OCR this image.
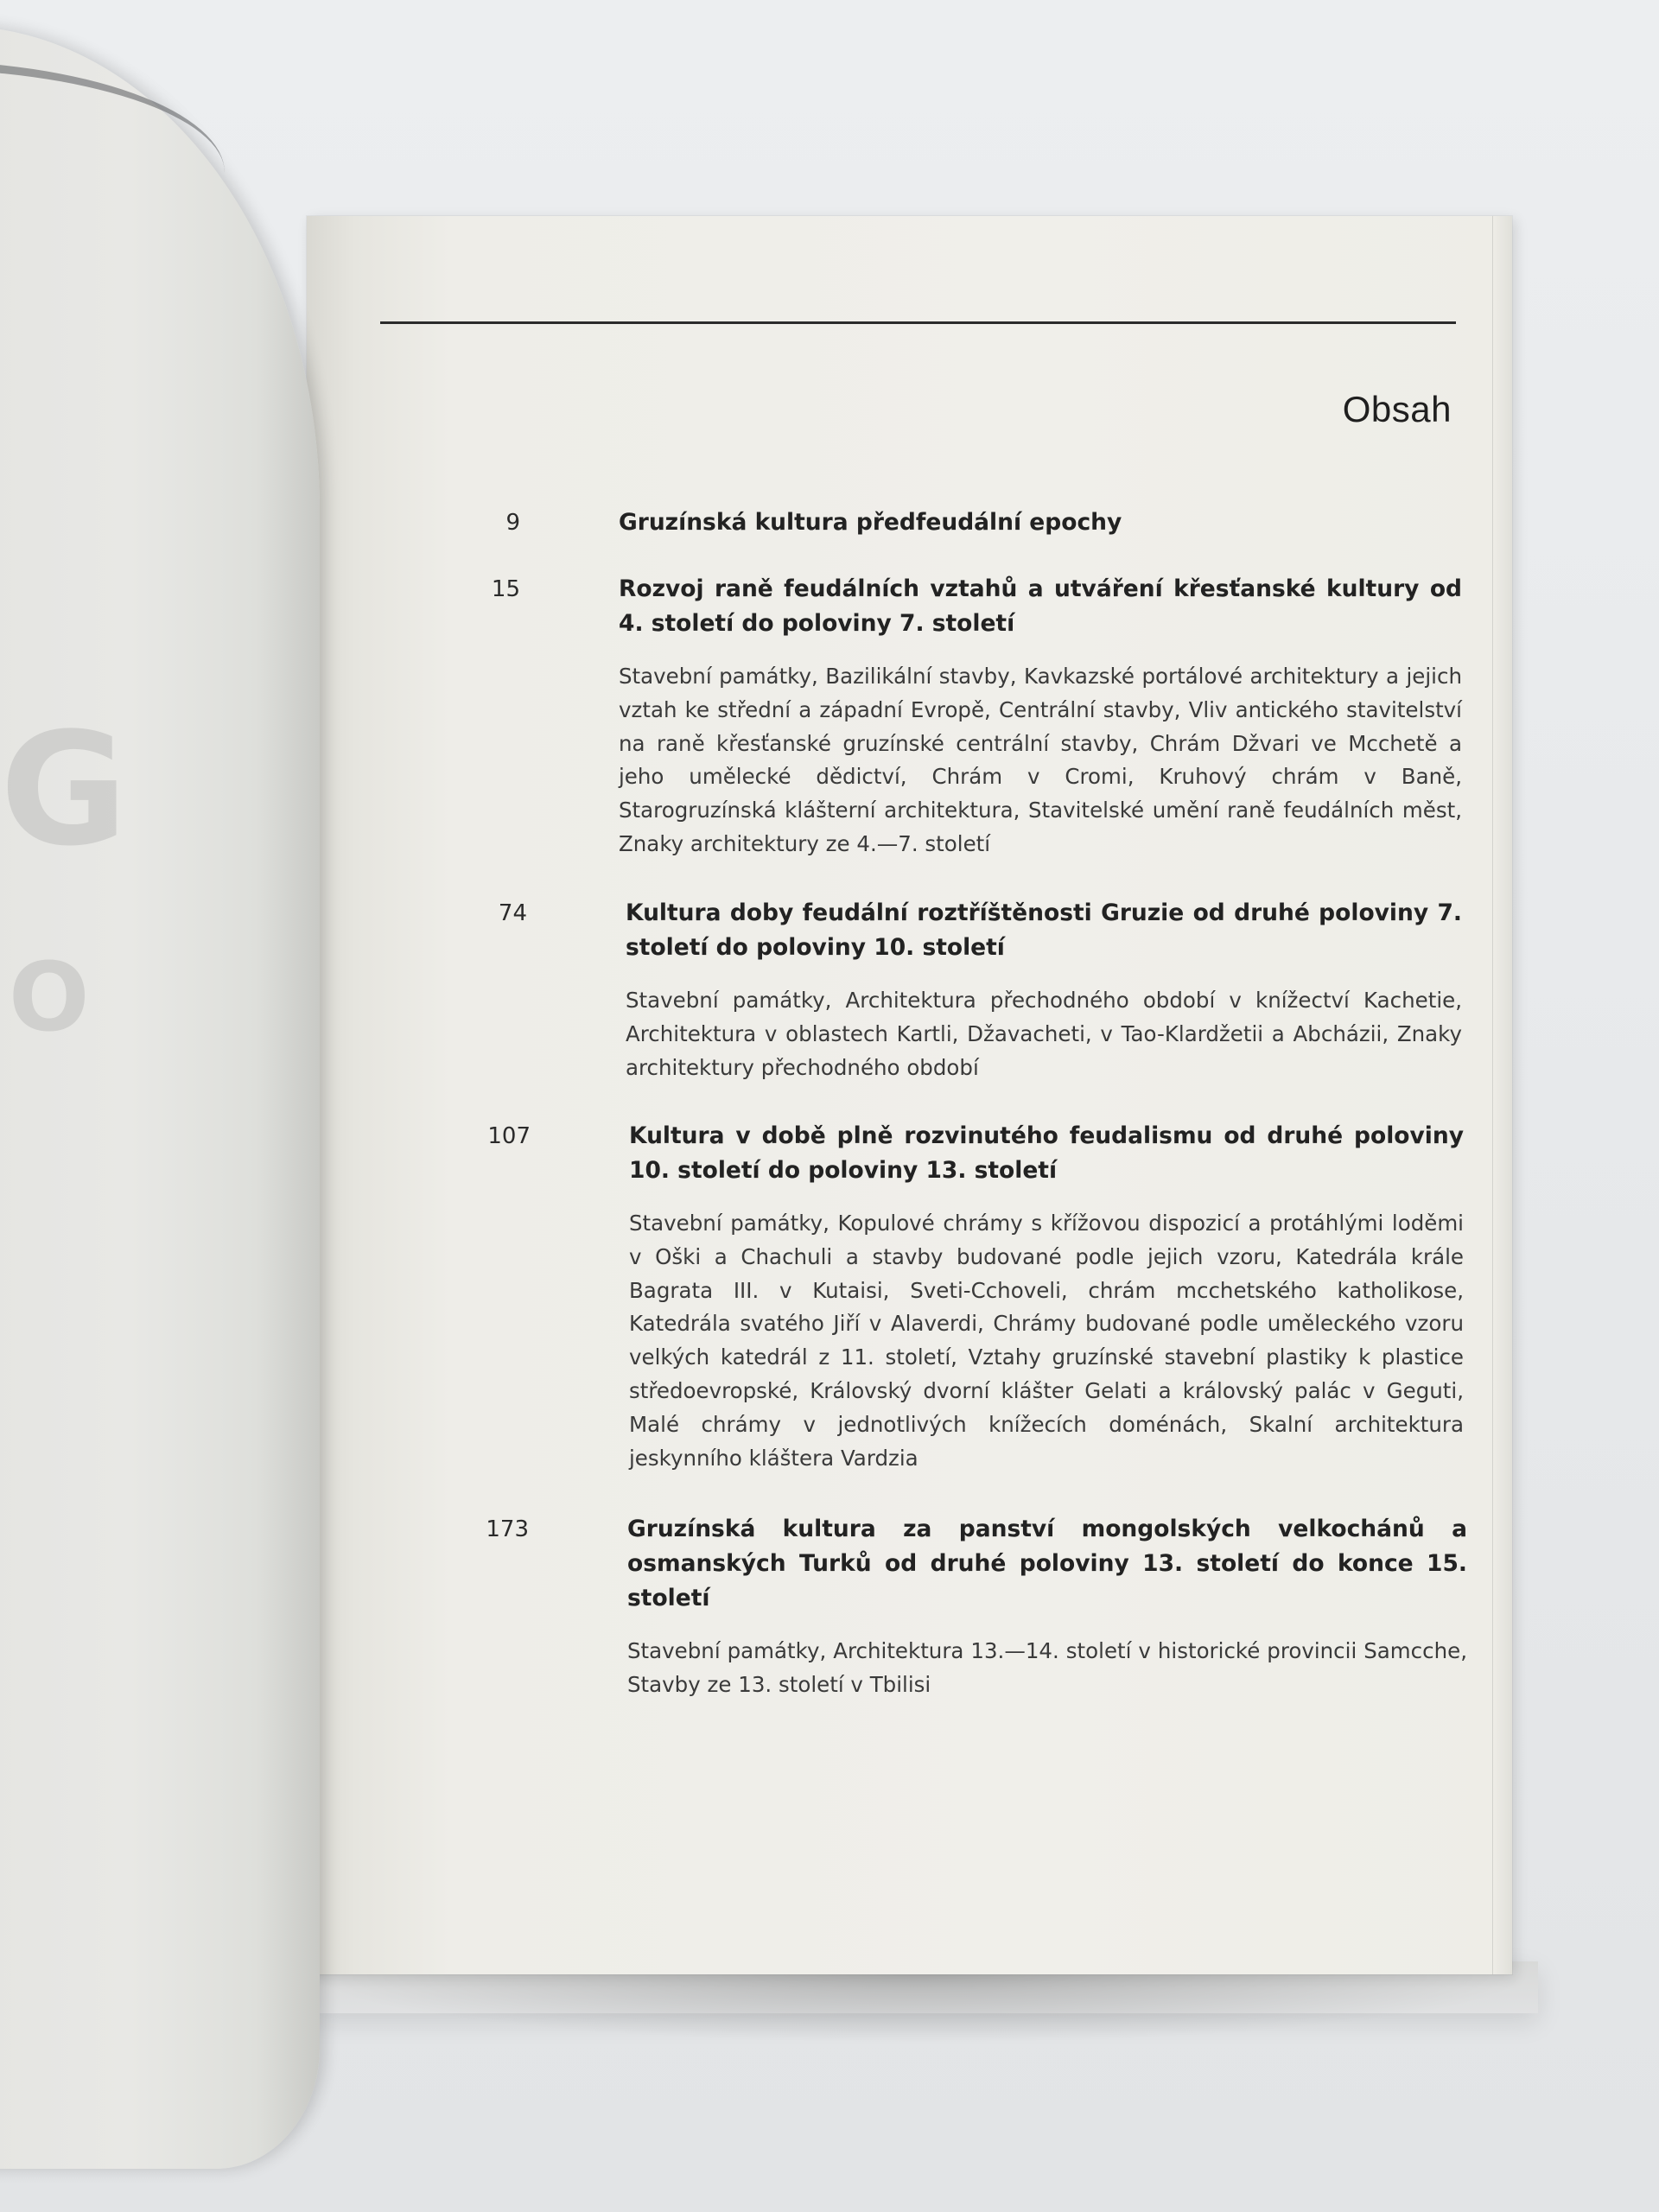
G
O
Obsah
9	Gruzínská kultura předfeudální epochy
15	Rozvoj raně feudálních vztahů a utváření křesťanské kultury od 4. století do poloviny 7. století
Stavební památky, Bazilikální stavby, Kavkazské portálové architektury a jejich vztah ke střední a západní Evropě, Centrální stavby, Vliv antického stavitelství na raně křesťanské gruzínské centrální stavby, Chrám Džvari ve Mcchetě a jeho umělecké dědictví, Chrám v Cromi, Kruhový chrám v Baně, Starogruzínská klášterní architektura, Stavitelské umění raně feudálních měst, Znaky architektury ze 4.—7. století
74	Kultura doby feudální roztříštěnosti Gruzie od druhé poloviny 7. století do poloviny 10. století
Stavební památky, Architektura přechodného období v knížectví Kachetie, Architektura v oblastech Kartli, Džavacheti, v Tao-Klardžetii a Abcházii, Znaky architektury přechodného období
107	Kultura v době plně rozvinutého feudalismu od druhé poloviny 10. století do poloviny 13. století
Stavební památky, Kopulové chrámy s křížovou dispozicí a protáhlými loděmi v Oški a Chachuli a stavby budované podle jejich vzoru, Katedrála krále Bagrata III. v Kutaisi, Sveti-Cchoveli, chrám mcchetského katholikose, Katedrála svatého Jiří v Alaverdi, Chrámy budované podle uměleckého vzoru velkých katedrál z 11. století, Vztahy gruzínské stavební plastiky k plastice středoevropské, Královský dvorní klášter Gelati a královský palác v Geguti, Malé chrámy v jednotlivých knížecích doménách, Skalní architektura jeskynního kláštera Vardzia
173	Gruzínská kultura za panství mongolských velkochánů a osmanských Turků od druhé poloviny 13. století do konce 15. století
Stavební památky, Architektura 13.—14. století v historické provincii Samcche, Stavby ze 13. století v Tbilisi
